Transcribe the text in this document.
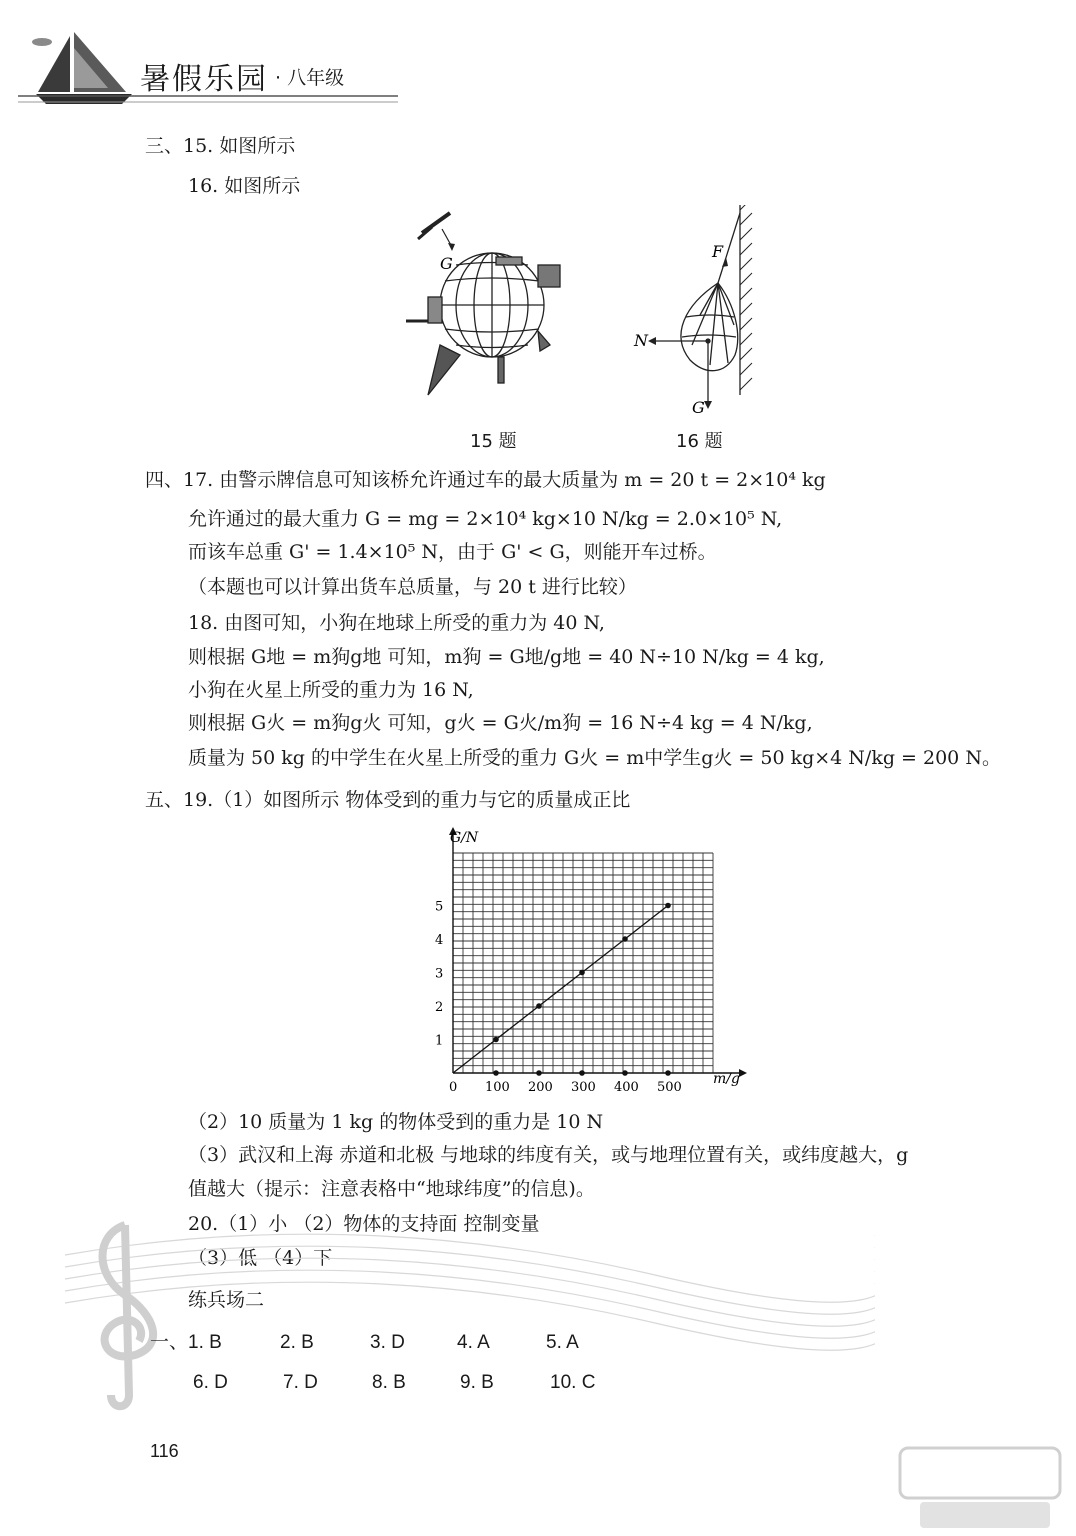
暑假乐园 · 八年级
三、15. 如图所示
16. 如图所示
G
15 题
F
N
G
16 题
四、17. 由警示牌信息可知该桥允许通过车的最大质量为 m = 20 t = 2×10⁴ kg
允许通过的最大重力 G = mg = 2×10⁴ kg×10 N/kg = 2.0×10⁵ N,
而该车总重 G' = 1.4×10⁵ N，由于 G' < G，则能开车过桥。
（本题也可以计算出货车总质量，与 20 t 进行比较）
18. 由图可知，小狗在地球上所受的重力为 40 N,
则根据 G地 = m狗g地 可知，m狗 = G地/g地 = 40 N÷10 N/kg = 4 kg,
小狗在火星上所受的重力为 16 N,
则根据 G火 = m狗g火 可知，g火 = G火/m狗 = 16 N÷4 kg = 4 N/kg,
质量为 50 kg 的中学生在火星上所受的重力 G火 = m中学生g火 = 50 kg×4 N/kg = 200 N。
五、19.（1）如图所示 物体受到的重力与它的质量成正比
0 100 200 300 400 500
1
2
3
4
5
G/N
m/g
（2）10 质量为 1 kg 的物体受到的重力是 10 N
（3）武汉和上海 赤道和北极 与地球的纬度有关，或与地理位置有关，或纬度越大，g
值越大（提示：注意表格中“地球纬度”的信息)。
20.（1）小 （2）物体的支持面 控制变量
（3）低 （4）下
练兵场二
一、1. B	2. B	3. D	4. A	5. A
6. D	7. D	8. B	9. B	10. C
116
